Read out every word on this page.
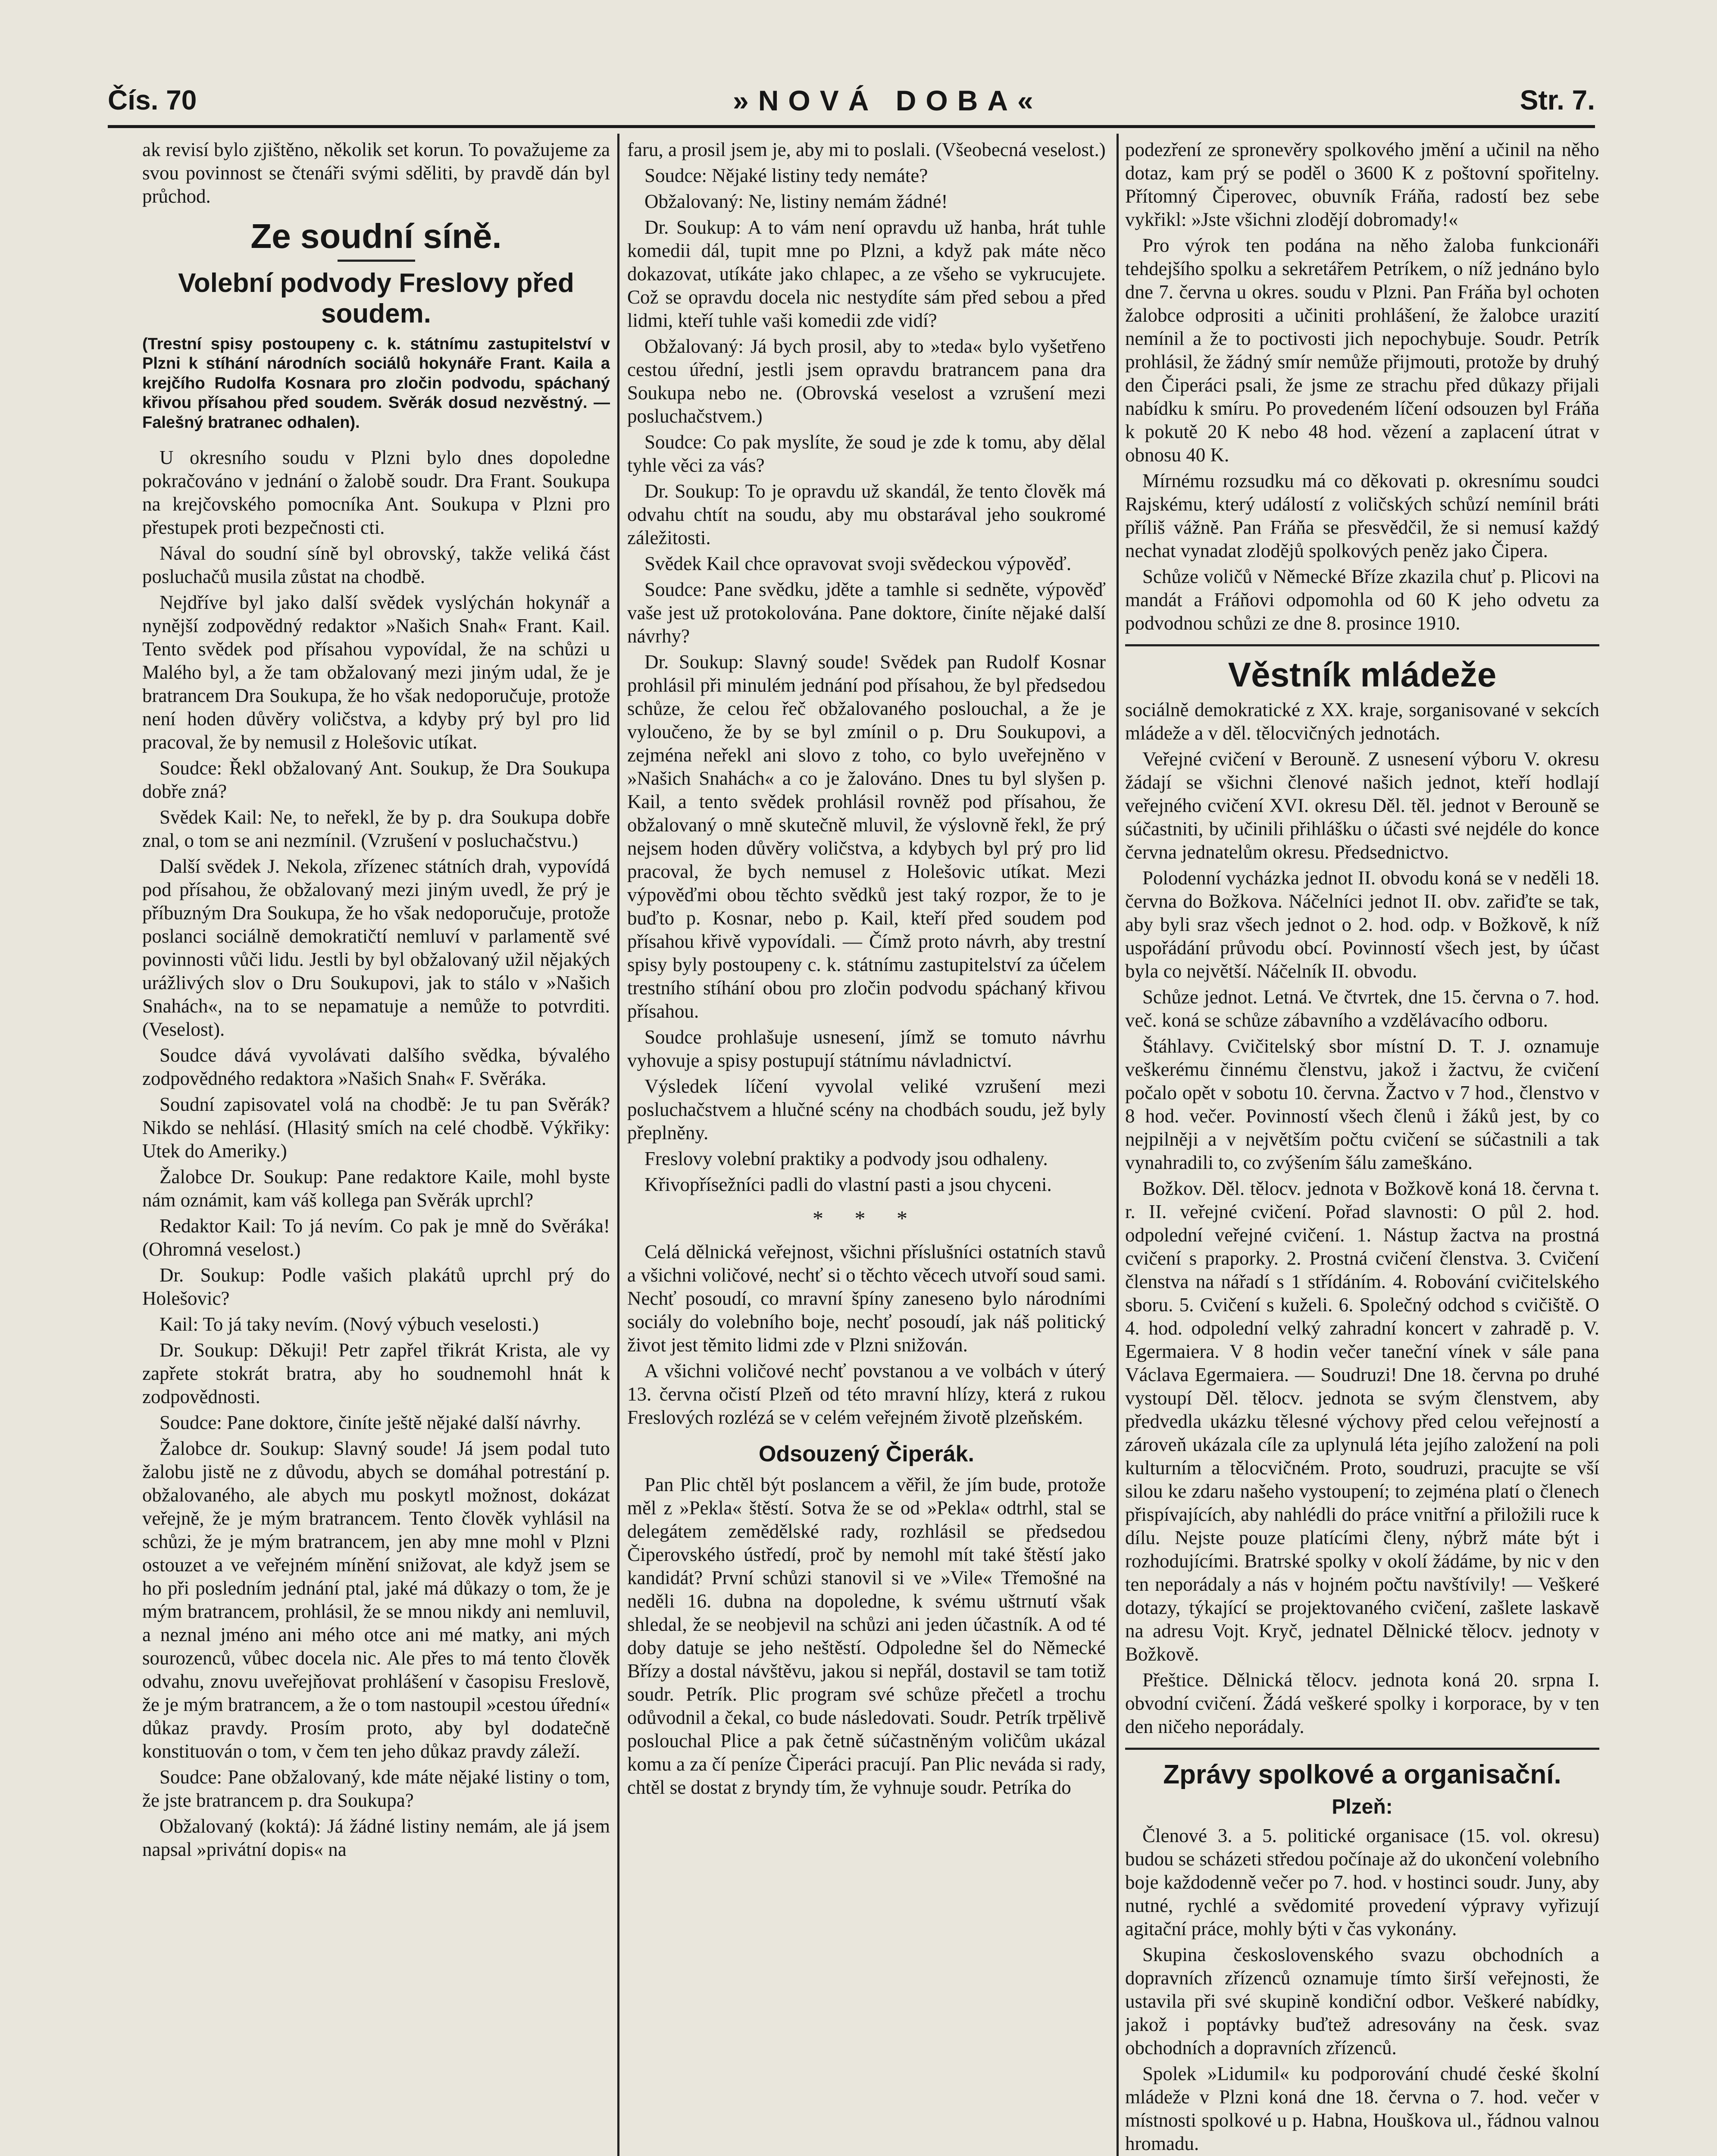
Čís. 70	»NOVÁ DOBA«	Str. 7.

ak revisí bylo zjištěno, několik set korun. To považujeme za svou povinnost se čtenáři svými sděliti, by pravdě dán byl průchod.

Ze soudní síně.
Volební podvody Freslovy před soudem.
(Trestní spisy postoupeny c. k. státnímu zastupitelství v Plzni k stíhání národních sociálů hokynáře Frant. Kaila a krejčího Rudolfa Kosnara pro zločin podvodu, spáchaný křivou přísahou před soudem. Svěrák dosud nezvěstný. — Falešný bratranec odhalen).

U okresního soudu v Plzni bylo dnes dopoledne pokračováno v jednání o žalobě soudr. Dra Frant. Soukupa na krejčovského pomocníka Ant. Soukupa v Plzni pro přestupek proti bezpečnosti cti.

Nával do soudní síně byl obrovský, takže veliká část posluchačů musila zůstat na chodbě.

Nejdříve byl jako další svědek vyslýchán hokynář a nynější zodpovědný redaktor »Našich Snah« Frant. Kail. Tento svědek pod přísahou vypovídal, že na schůzi u Malého byl, a že tam obžalovaný mezi jiným udal, že je bratrancem Dra Soukupa, že ho však nedoporučuje, protože není hoden důvěry voličstva, a kdyby prý byl pro lid pracoval, že by nemusil z Holešovic utíkat.

Soudce: Řekl obžalovaný Ant. Soukup, že Dra Soukupa dobře zná?

Svědek Kail: Ne, to neřekl, že by p. dra Soukupa dobře znal, o tom se ani nezmínil. (Vzrušení v posluchačstvu.)

Další svědek J. Nekola, zřízenec státních drah, vypovídá pod přísahou, že obžalovaný mezi jiným uvedl, že prý je příbuzným Dra Soukupa, že ho však nedoporučuje, protože poslanci sociálně demokratičtí nemluví v parlamentě své povinnosti vůči lidu. Jestli by byl obžalovaný užil nějakých urážlivých slov o Dru Soukupovi, jak to stálo v »Našich Snahách«, na to se nepamatuje a nemůže to potvrditi. (Veselost).

Soudce dává vyvolávati dalšího svědka, bývalého zodpovědného redaktora »Našich Snah« F. Svěráka.

Soudní zapisovatel volá na chodbě: Je tu pan Svěrák? Nikdo se nehlásí. (Hlasitý smích na celé chodbě. Výkřiky: Utek do Ameriky.)

Žalobce Dr. Soukup: Pane redaktore Kaile, mohl byste nám oznámit, kam váš kollega pan Svěrák uprchl?

Redaktor Kail: To já nevím. Co pak je mně do Svěráka! (Ohromná veselost.)

Dr. Soukup: Podle vašich plakátů uprchl prý do Holešovic?

Kail: To já taky nevím. (Nový výbuch veselosti.)

Dr. Soukup: Děkuji! Petr zapřel třikrát Krista, ale vy zapřete stokrát bratra, aby ho soudnemohl hnát k zodpovědnosti.

Soudce: Pane doktore, činíte ještě nějaké další návrhy.

Žalobce dr. Soukup: Slavný soude! Já jsem podal tuto žalobu jistě ne z důvodu, abych se domáhal potrestání p. obžalovaného, ale abych mu poskytl možnost, dokázat veřejně, že je mým bratrancem. Tento člověk vyhlásil na schůzi, že je mým bratrancem, jen aby mne mohl v Plzni ostouzet a ve veřejném mínění snižovat, ale když jsem se ho při posledním jednání ptal, jaké má důkazy o tom, že je mým bratrancem, prohlásil, že se mnou nikdy ani nemluvil, a neznal jméno ani mého otce ani mé matky, ani mých sourozenců, vůbec docela nic. Ale přes to má tento člověk odvahu, znovu uveřejňovat prohlášení v časopisu Freslově, že je mým bratrancem, a že o tom nastoupil »cestou úřední« důkaz pravdy. Prosím proto, aby byl dodatečně konstituován o tom, v čem ten jeho důkaz pravdy záleží.

Soudce: Pane obžalovaný, kde máte nějaké listiny o tom, že jste bratrancem p. dra Soukupa?

Obžalovaný (koktá): Já žádné listiny nemám, ale já jsem napsal »privátní dopis« na

faru, a prosil jsem je, aby mi to poslali. (Všeobecná veselost.)

Soudce: Nějaké listiny tedy nemáte?

Obžalovaný: Ne, listiny nemám žádné!

Dr. Soukup: A to vám není opravdu už hanba, hrát tuhle komedii dál, tupit mne po Plzni, a když pak máte něco dokazovat, utíkáte jako chlapec, a ze všeho se vykrucujete. Což se opravdu docela nic nestydíte sám před sebou a před lidmi, kteří tuhle vaši komedii zde vidí?

Obžalovaný: Já bych prosil, aby to »teda« bylo vyšetřeno cestou úřední, jestli jsem opravdu bratrancem pana dra Soukupa nebo ne. (Obrovská veselost a vzrušení mezi posluchačstvem.)

Soudce: Co pak myslíte, že soud je zde k tomu, aby dělal tyhle věci za vás?

Dr. Soukup: To je opravdu už skandál, že tento člověk má odvahu chtít na soudu, aby mu obstarával jeho soukromé záležitosti.

Svědek Kail chce opravovat svoji svědeckou výpověď.

Soudce: Pane svědku, jděte a tamhle si sedněte, výpověď vaše jest už protokolována. Pane doktore, činíte nějaké další návrhy?

Dr. Soukup: Slavný soude! Svědek pan Rudolf Kosnar prohlásil při minulém jednání pod přísahou, že byl předsedou schůze, že celou řeč obžalovaného poslouchal, a že je vyloučeno, že by se byl zmínil o p. Dru Soukupovi, a zejména neřekl ani slovo z toho, co bylo uveřejněno v »Našich Snahách« a co je žalováno. Dnes tu byl slyšen p. Kail, a tento svědek prohlásil rovněž pod přísahou, že obžalovaný o mně skutečně mluvil, že výslovně řekl, že prý nejsem hoden důvěry voličstva, a kdybych byl prý pro lid pracoval, že bych nemusel z Holešovic utíkat. Mezi výpověďmi obou těchto svědků jest taký rozpor, že to je buďto p. Kosnar, nebo p. Kail, kteří před soudem pod přísahou křivě vypovídali. — Čímž proto návrh, aby trestní spisy byly postoupeny c. k. státnímu zastupitelství za účelem trestního stíhání obou pro zločin podvodu spáchaný křivou přísahou.

Soudce prohlašuje usnesení, jímž se tomuto návrhu vyhovuje a spisy postupují státnímu návladnictví.

Výsledek líčení vyvolal veliké vzrušení mezi posluchačstvem a hlučné scény na chodbách soudu, jež byly přeplněny.

Freslovy volební praktiky a podvody jsou odhaleny.

Křivopřísežníci padli do vlastní pasti a jsou chyceni.

* * *

Celá dělnická veřejnost, všichni příslušníci ostatních stavů a všichni voličové, nechť si o těchto věcech utvoří soud sami. Nechť posoudí, co mravní špíny zaneseno bylo národními sociály do volebního boje, nechť posoudí, jak náš politický život jest těmito lidmi zde v Plzni snižován.

A všichni voličové nechť povstanou a ve volbách v úterý 13. června očistí Plzeň od této mravní hlízy, která z rukou Freslových rozlézá se v celém veřejném životě plzeňském.

Odsouzený Čiperák.

Pan Plic chtěl být poslancem a věřil, že jím bude, protože měl z »Pekla« štěstí. Sotva že se od »Pekla« odtrhl, stal se delegátem zemědělské rady, rozhlásil se předsedou Čiperovského ústředí, proč by nemohl mít také štěstí jako kandidát? První schůzi stanovil si ve »Vile« Třemošné na neděli 16. dubna na dopoledne, k svému uštrnutí však shledal, že se neobjevil na schůzi ani jeden účastník. A od té doby datuje se jeho neštěstí. Odpoledne šel do Německé Břízy a dostal návštěvu, jakou si nepřál, dostavil se tam totiž soudr. Petrík. Plic program své schůze přečetl a trochu odůvodnil a čekal, co bude následovati. Soudr. Petrík trpělivě poslouchal Plice a pak četně súčastněným voličům ukázal komu a za čí peníze Čiperáci pracují. Pan Plic neváda si rady, chtěl se dostat z bryndy tím, že vyhnuje soudr. Petríka do

podezření ze spronevěry spolkového jmění a učinil na něho dotaz, kam prý se poděl o 3600 K z poštovní spořitelny. Přítomný Čiperovec, obuvník Fráňa, radostí bez sebe vykřikl: »Jste všichni zlodějí dobromady!«

Pro výrok ten podána na něho žaloba funkcionáři tehdejšího spolku a sekretářem Petríkem, o níž jednáno bylo dne 7. června u okres. soudu v Plzni. Pan Fráňa byl ochoten žalobce odprositi a učiniti prohlášení, že žalobce urazití nemínil a že to poctivosti jich nepochybuje. Soudr. Petrík prohlásil, že žádný smír nemůže přijmouti, protože by druhý den Čiperáci psali, že jsme ze strachu před důkazy přijali nabídku k smíru. Po provedeném líčení odsouzen byl Fráňa k pokutě 20 K nebo 48 hod. vězení a zaplacení útrat v obnosu 40 K.

Mírnému rozsudku má co děkovati p. okresnímu soudci Rajskému, který událostí z voličských schůzí nemínil bráti příliš vážně. Pan Fráňa se přesvědčil, že si nemusí každý nechat vynadat zlodějů spolkových peněz jako Čipera.

Schůze voličů v Německé Bříze zkazila chuť p. Plicovi na mandát a Fráňovi odpomohla od 60 K jeho odvetu za podvodnou schůzi ze dne 8. prosince 1910.

Věstník mládeže

sociálně demokratické z XX. kraje, sorganisované v sekcích mládeže a v děl. tělocvičných jednotách.

Veřejné cvičení v Berouně. Z usnesení výboru V. okresu žádají se všichni členové našich jednot, kteří hodlají veřejného cvičení XVI. okresu Děl. těl. jednot v Berouně se súčastniti, by učinili přihlášku o účasti své nejdéle do konce června jednatelům okresu. Předsednictvo.

Polodenní vycházka jednot II. obvodu koná se v neděli 18. června do Božkova. Náčelníci jednot II. obv. zařiďte se tak, aby byli sraz všech jednot o 2. hod. odp. v Božkově, k níž uspořádání průvodu obcí. Povinností všech jest, by účast byla co největší. Náčelník II. obvodu.

Schůze jednot. Letná. Ve čtvrtek, dne 15. června o 7. hod. več. koná se schůze zábavního a vzdělávacího odboru.

Štáhlavy. Cvičitelský sbor místní D. T. J. oznamuje veškerému činnému členstvu, jakož i žactvu, že cvičení počalo opět v sobotu 10. června. Žactvo v 7 hod., členstvo v 8 hod. večer. Povinností všech členů i žáků jest, by co nejpilněji a v největším počtu cvičení se súčastnili a tak vynahradili to, co zvýšením šálu zameškáno.

Božkov. Děl. tělocv. jednota v Božkově koná 18. června t. r. II. veřejné cvičení. Pořad slavnosti: O půl 2. hod. odpolední veřejné cvičení. 1. Nástup žactva na prostná cvičení s praporky. 2. Prostná cvičení členstva. 3. Cvičení členstva na nářadí s 1 střídáním. 4. Robování cvičitelského sboru. 5. Cvičení s kuželi. 6. Společný odchod s cvičiště. O 4. hod. odpolední velký zahradní koncert v zahradě p. V. Egermaiera. V 8 hodin večer taneční vínek v sále pana Václava Egermaiera. — Soudruzi! Dne 18. června po druhé vystoupí Děl. tělocv. jednota se svým členstvem, aby předvedla ukázku tělesné výchovy před celou veřejností a zároveň ukázala cíle za uplynulá léta jejího založení na poli kulturním a tělocvičném. Proto, soudruzi, pracujte se vší silou ke zdaru našeho vystoupení; to zejména platí o členech přispívajících, aby nahlédli do práce vnitřní a přiložili ruce k dílu. Nejste pouze platícími členy, nýbrž máte být i rozhodujícími. Bratrské spolky v okolí žádáme, by nic v den ten neporádaly a nás v hojném počtu navštívily! — Veškeré dotazy, týkající se projektovaného cvičení, zašlete laskavě na adresu Vojt. Kryč, jednatel Dělnické tělocv. jednoty v Božkově.

Přeštice. Dělnická tělocv. jednota koná 20. srpna I. obvodní cvičení. Žádá veškeré spolky i korporace, by v ten den ničeho neporádaly.

Zprávy spolkové a organisační.
Plzeň:

Členové 3. a 5. politické organisace (15. vol. okresu) budou se scházeti středou počínaje až do ukončení volebního boje každodenně večer po 7. hod. v hostinci soudr. Juny, aby nutné, rychlé a svědomité provedení výpravy vyřizují agitační práce, mohly býti v čas vykonány.

Skupina československého svazu obchodních a dopravních zřízenců oznamuje tímto širší veřejnosti, že ustavila při své skupině kondiční odbor. Veškeré nabídky, jakož i poptávky buďtež adresovány na česk. svaz obchodních a dopravních zřízenců.

Spolek »Lidumil« ku podporování chudé české školní mládeže v Plzni koná dne 18. června o 7. hod. večer v místnosti spolkové u p. Habna, Houškova ul., řádnou valnou hromadu.
